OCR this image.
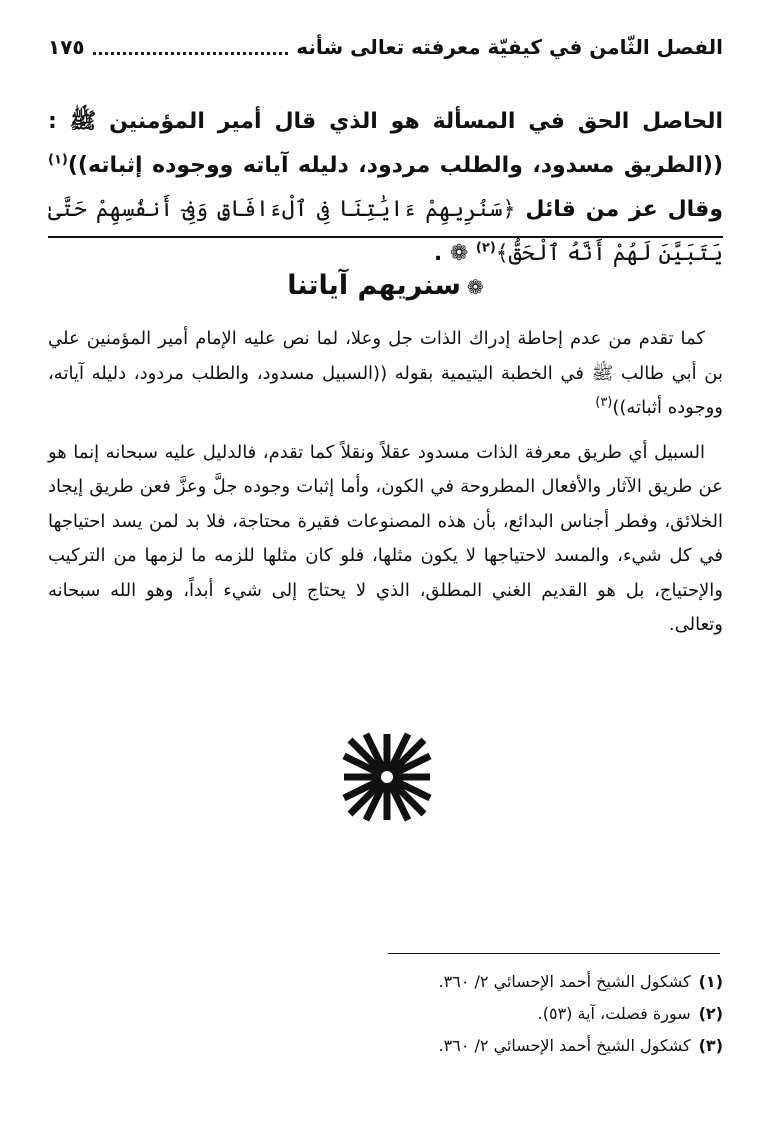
الفصل الثّامن في كيفيّة معرفته تعالى شأنه
١٧٥
الحاصل الحق في المسألة هو الذي قال أمير المؤمنين ﷺ : ((الطريق مسدود، والطلب مردود، دليله آياته ووجوده إثباته))$^{(١)}$ وقال عز من قائل ﴿سَنُرِيهِمْ ءَايَٰتِنَا فِى ٱلْءَافَاقِ وَفِىٓ أَنفُسِهِمْ حَتَّىٰ يَتَبَيَّنَ لَهُمْ أَنَّهُ ٱلْحَقُّ﴾$^{(٢)}$ ❁ .
❁سنريهم آياتنا

كما تقدم من عدم إحاطة إدراك الذات جل وعلا، لما نص عليه الإمام أمير المؤمنين علي بن أبي طالب ﷺ في الخطبة اليتيمية بقوله ((السبيل مسدود، والطلب مردود، دليله آياته، ووجوده أثباته))$^{(٣)}$

السبيل أي طريق معرفة الذات مسدود عقلاً ونقلاً كما تقدم، فالدليل عليه سبحانه إنما هو عن طريق الآثار والأفعال المطروحة في الكون، وأما إثبات وجوده جلَّ وعزَّ فعن طريق إيجاد الخلائق، وفطر أجناس البدائع، بأن هذه المصنوعات فقيرة محتاجة، فلا بد لمن يسد احتياجها في كل شيء، والمسد لاحتياجها لا يكون مثلها، فلو كان مثلها للزمه ما لزمها من التركيب والإحتياج، بل هو القديم الغني المطلق، الذي لا يحتاج إلى شيء أبداً، وهو الله سبحانه وتعالى.

(١)كشكول الشيخ أحمد الإحسائي ٢/ ٣٦٠.
(٢)سورة فصلت، آية (٥٣).
(٣)كشكول الشيخ أحمد الإحسائي ٢/ ٣٦٠.
